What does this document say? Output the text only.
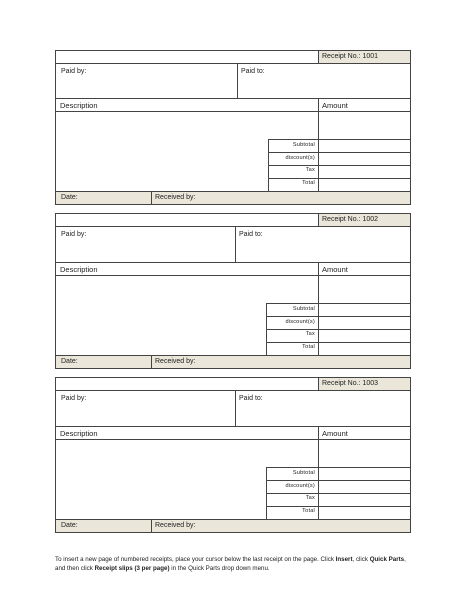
Receipt No.: 1001
Paid by:	Paid to:
Description	Amount
Subtotal
discount(s)
Tax
Total
Date:	Received by:
Receipt No.: 1002
Paid by:	Paid to:
Description	Amount
Subtotal
discount(s)
Tax
Total
Date:	Received by:
Receipt No.: 1003
Paid by:	Paid to:
Description	Amount
Subtotal
discount(s)
Tax
Total
Date:	Received by:
To insert a new page of numbered receipts, place your cursor below the last receipt on the page. Click Insert, click Quick Parts, and then click Receipt slips (3 per page) in the Quick Parts drop down menu.
